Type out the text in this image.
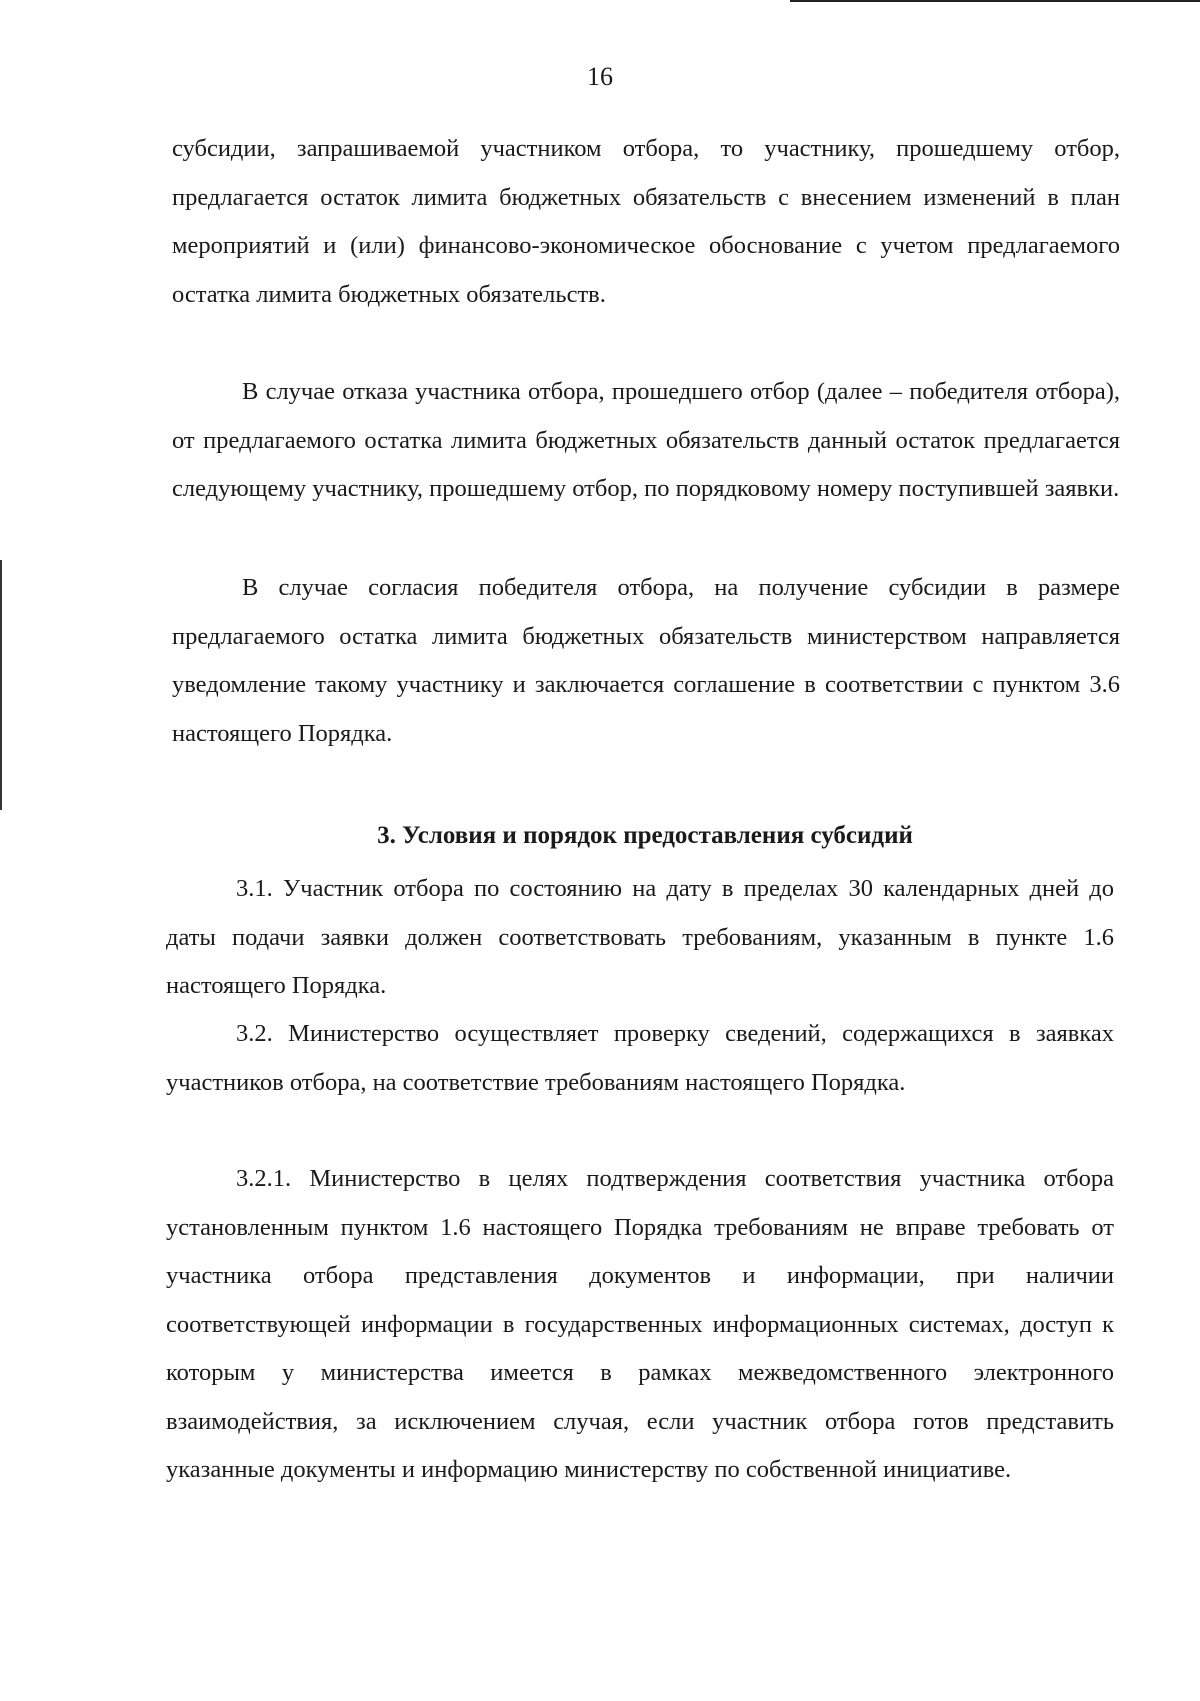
16

субсидии, запрашиваемой участником отбора, то участнику, прошедшему отбор, предлагается остаток лимита бюджетных обязательств с внесением изменений в план мероприятий и (или) финансово-экономическое обоснование с учетом предлагаемого остатка лимита бюджетных обязательств.

В случае отказа участника отбора, прошедшего отбор (далее – победителя отбора), от предлагаемого остатка лимита бюджетных обязательств данный остаток предлагается следующему участнику, прошедшему отбор, по порядковому номеру поступившей заявки.

В случае согласия победителя отбора, на получение субсидии в размере предлагаемого остатка лимита бюджетных обязательств министерством направляется уведомление такому участнику и заключается соглашение в соответствии с пунктом 3.6 настоящего Порядка.

3. Условия и порядок предоставления субсидий

3.1. Участник отбора по состоянию на дату в пределах 30 календарных дней до даты подачи заявки должен соответствовать требованиям, указанным в пункте 1.6 настоящего Порядка.

3.2. Министерство осуществляет проверку сведений, содержащихся в заявках участников отбора, на соответствие требованиям настоящего Порядка.

3.2.1. Министерство в целях подтверждения соответствия участника отбора установленным пунктом 1.6 настоящего Порядка требованиям не вправе требовать от участника отбора представления документов и информации, при наличии соответствующей информации в государственных информационных системах, доступ к которым у министерства имеется в рамках межведомственного электронного взаимодействия, за исключением случая, если участник отбора готов представить указанные документы и информацию министерству по собственной инициативе.
